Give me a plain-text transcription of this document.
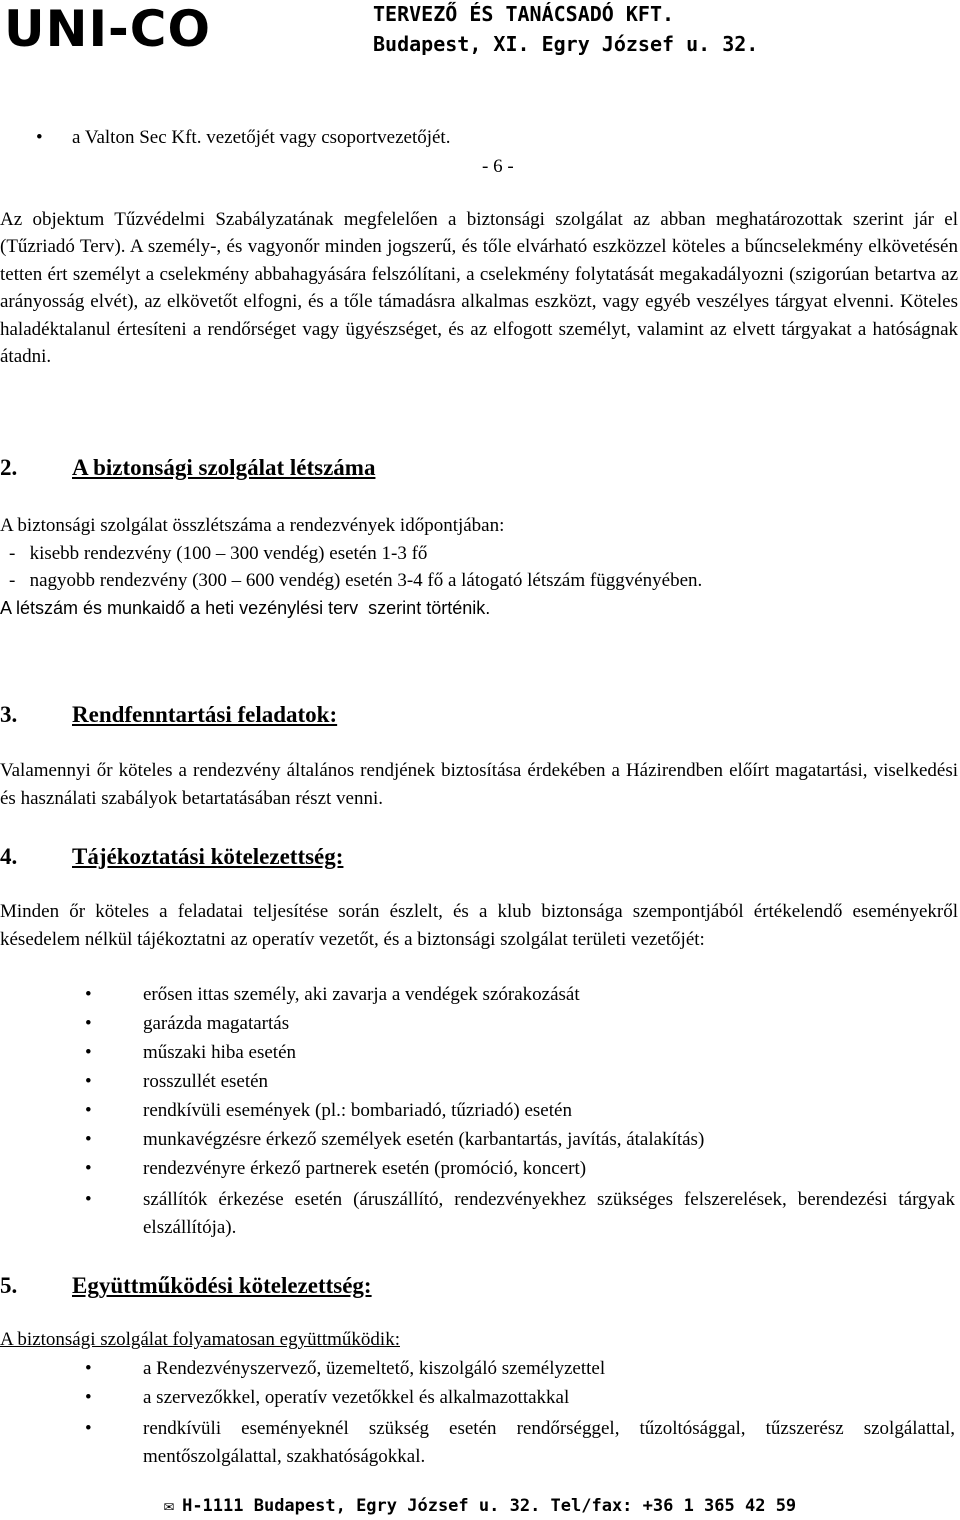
UNI-CO	TERVEZŐ ÉS TANÁCSADÓ KFT.
Budapest, XI. Egry József u. 32.
• a Valton Sec Kft. vezetőjét vagy csoportvezetőjét.
- 6 -

Az objektum Tűzvédelmi Szabályzatának megfelelően a biztonsági szolgálat az abban meghatározottak szerint jár el (Tűzriadó Terv). A személy-, és vagyonőr minden jogszerű, és tőle elvárható eszközzel köteles a bűncselekmény elkövetésén tetten ért személyt a cselekmény abbahagyására felszólítani, a cselekmény folytatását megakadályozni (szigorúan betartva az arányosság elvét), az elkövetőt elfogni, és a tőle támadásra alkalmas eszközt, vagy egyéb veszélyes tárgyat elvenni. Köteles haladéktalanul értesíteni a rendőrséget vagy ügyészséget, és az elfogott személyt, valamint az elvett tárgyakat a hatóságnak átadni.

2. A biztonsági szolgálat létszáma
A biztonsági szolgálat összlétszáma a rendezvények időpontjában:
-   kisebb rendezvény (100 – 300 vendég) esetén 1-3 fő
-   nagyobb rendezvény (300 – 600 vendég) esetén 3-4 fő a látogató létszám függvényében.
A létszám és munkaidő a heti vezénylési terv  szerint történik.
3. Rendfenntartási feladatok:

Valamennyi őr köteles a rendezvény általános rendjének biztosítása érdekében a Házirendben előírt magatartási, viselkedési és használati szabályok betartatásában részt venni.

4. Tájékoztatási kötelezettség:

Minden őr köteles a feladatai teljesítése során észlelt, és a klub biztonsága szempontjából értékelendő eseményekről késedelem nélkül tájékoztatni az operatív vezetőt, és a biztonsági szolgálat területi vezetőjét:

•	erősen ittas személy, aki zavarja a vendégek szórakozását
•	garázda magatartás
•	műszaki hiba esetén
•	rosszullét esetén
•	rendkívüli események (pl.: bombariadó, tűzriadó) esetén
•	munkavégzésre érkező személyek esetén (karbantartás, javítás, átalakítás)
•	rendezvényre érkező partnerek esetén (promóció, koncert)
•	szállítók érkezése esetén (áruszállító, rendezvényekhez szükséges felszerelések, berendezési tárgyak elszállítója).
5. Együttműködési kötelezettség:
A biztonsági szolgálat folyamatosan együttműködik:
•	a Rendezvényszervező, üzemeltető, kiszolgáló személyzettel
•	a szervezőkkel, operatív vezetőkkel és alkalmazottakkal
•	rendkívüli eseményeknél szükség esetén rendőrséggel, tűzoltósággal, tűzszerész szolgálattal, mentőszolgálattal, szakhatóságokkal.
✉ H-1111 Budapest, Egry József u. 32. Tel/fax: +36 1 365 42 59
